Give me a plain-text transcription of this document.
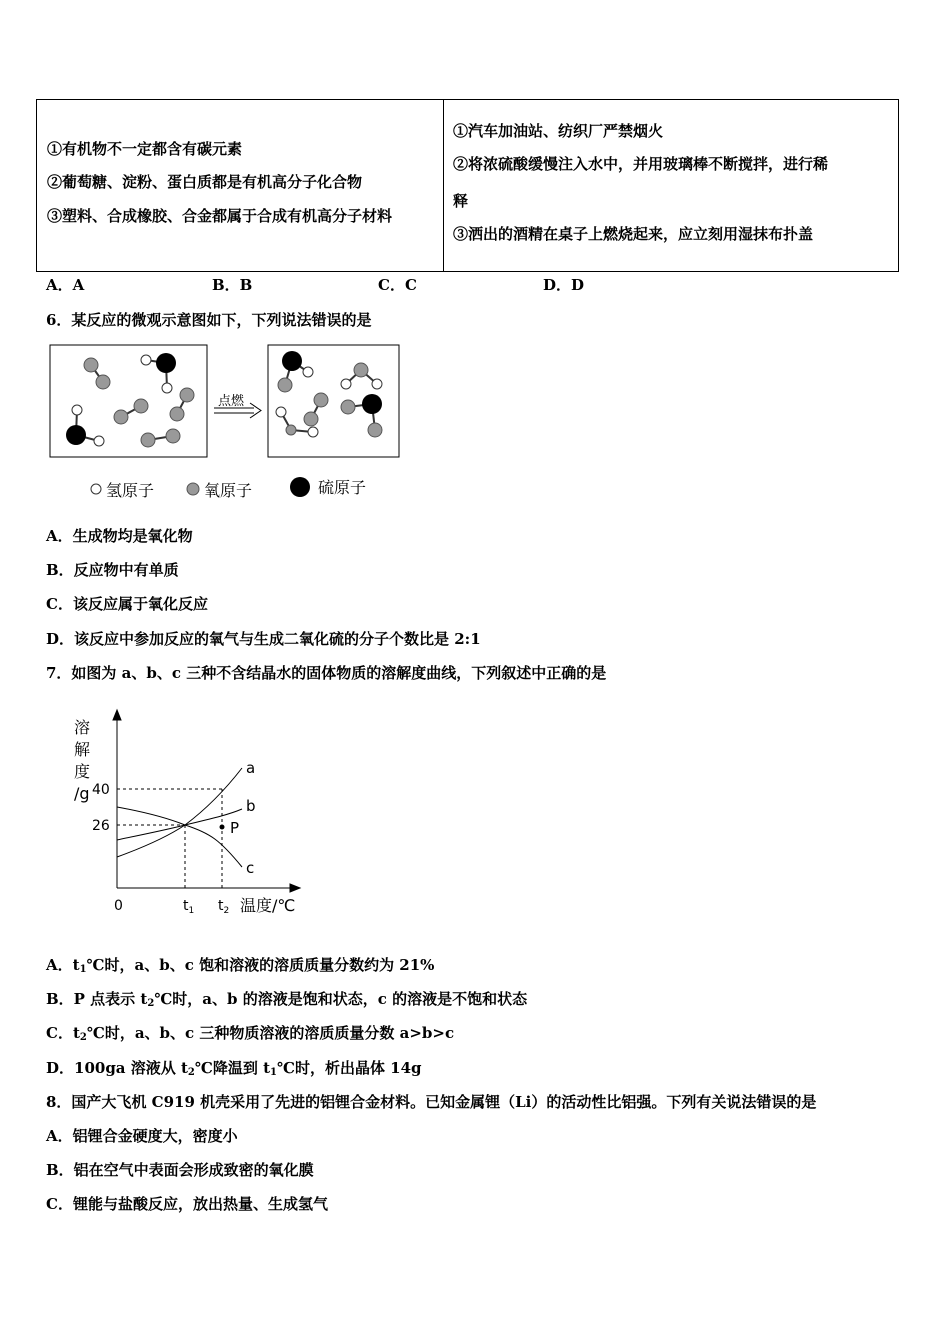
①有机物不一定都含有碳元素
②葡萄糖、淀粉、蛋白质都是有机高分子化合物
③塑料、合成橡胶、合金都属于合成有机高分子材料

①汽车加油站、纺织厂严禁烟火
②将浓硫酸缓慢注入水中，并用玻璃棒不断搅拌，进行稀
释
③洒出的酒精在桌子上燃烧起来，应立刻用湿抹布扑盖
A．A	B．B	C．C	D．D
6．某反应的微观示意图如下，下列说法错误的是
点燃
氢原子	氧原子	硫原子
A．生成物均是氧化物
B．反应物中有单质
C．该反应属于氧化反应
D．该反应中参加反应的氧气与生成二氧化硫的分子个数比是 2:1
7．如图为 a、b、c 三种不含结晶水的固体物质的溶解度曲线，下列叙述中正确的是
溶
解
度
/g 40
26
a
b
c
P
0	$t_1$ $t_2$ 温度/℃
A．$t_1℃$时，a、b、c 饱和溶液的溶质质量分数约为 21%
B．P 点表示 $t_2℃$时，a、b 的溶液是饱和状态，c 的溶液是不饱和状态
C．$t_2℃$时，a、b、c 三种物质溶液的溶质质量分数 a>b>c
D．100ga 溶液从 $t_2℃$降温到 $t_1℃$时，析出晶体 14g
8．国产大飞机 C919 机壳采用了先进的铝锂合金材料。已知金属锂（Li）的活动性比铝强。下列有关说法错误的是
A．铝锂合金硬度大，密度小
B．铝在空气中表面会形成致密的氧化膜
C．锂能与盐酸反应，放出热量、生成氢气
